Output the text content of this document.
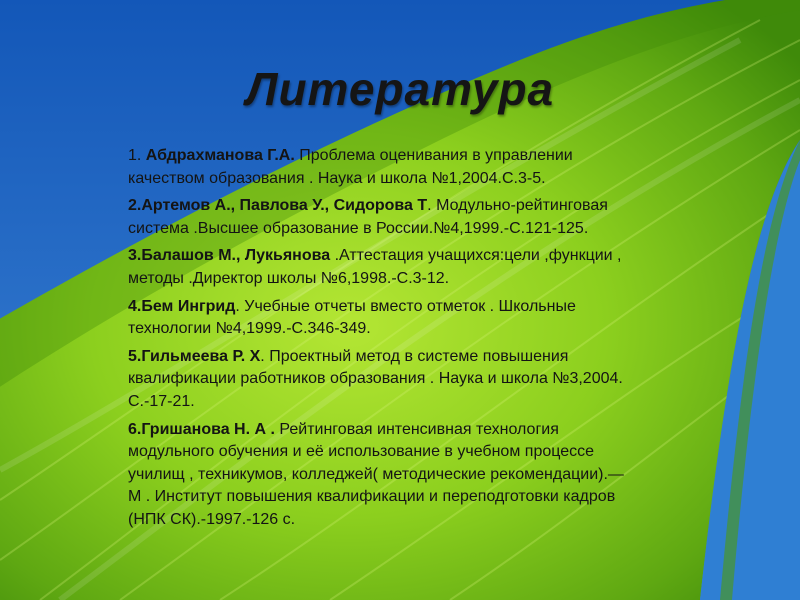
Литература
1. Абдрахманова Г.А. Проблема оценивания в управлении
качеством образования . Наука и школа №1,2004.С.3-5.
2.Артемов А., Павлова У., Сидорова Т. Модульно-рейтинговая
система .Высшее образование в России.№4,1999.-С.121-125.
3.Балашов М., Лукьянова .Аттестация учащихся:цели ,функции ,
методы .Директор школы №6,1998.-С.3-12.
4.Бем Ингрид. Учебные отчеты вместо отметок . Школьные
технологии №4,1999.-С.346-349.
5.Гильмеева Р. Х. Проектный метод в системе повышения
квалификации работников образования . Наука и школа №3,2004.
С.-17-21.
6.Гришанова Н. А . Рейтинговая интенсивная технология
модульного обучения и её использование в учебном процессе
училищ , техникумов, колледжей( методические рекомендации).—
М . Институт повышения квалификации и переподготовки кадров
(НПК СК).-1997.-126 с.
